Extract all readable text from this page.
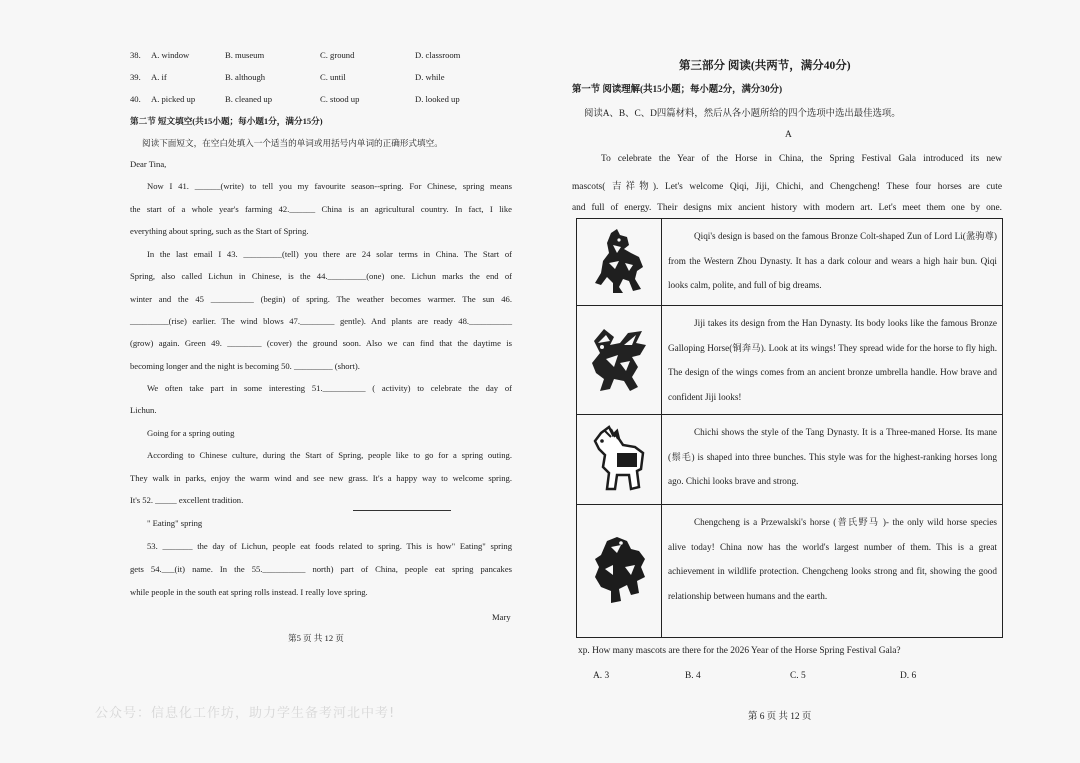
38. A. window	B. museum	C. ground	D. classroom
39. A. if	B. although	C. until	D. while
40. A. picked up	B. cleaned up	C. stood up	D. looked up
第二节 短文填空(共15小题；每小题1分，满分15分)
阅读下面短文，在空白处填入一个适当的单词或用括号内单词的正确形式填空。
Dear Tina,
Now I 41. ______(write) to tell you my favourite season--spring. For Chinese, spring means
the start of a whole year's farming 42.______ China is an agricultural country. In fact, I like
everything about spring, such as the Start of Spring.
In the last email I 43. _________(tell) you there are 24 solar terms in China. The Start of
Spring, also called Lichun in Chinese, is the 44._________(one) one. Lichun marks the end of
winter and the 45 __________ (begin) of spring. The weather becomes warmer. The sun 46.
_________(rise) earlier. The wind blows 47.________ gentle). And plants are ready 48.__________
(grow) again. Green 49. ________ (cover) the ground soon. Also we can find that the daytime is
becoming longer and the night is becoming 50. _________ (short).
We often take part in some interesting 51.__________ ( activity) to celebrate the day of
Lichun.
Going for a spring outing
According to Chinese culture, during the Start of Spring, people like to go for a spring outing.
They walk in parks, enjoy the warm wind and see new grass. It's a happy way to welcome spring.
It's 52. _____ excellent tradition.
" Eating" spring
53. _______ the day of Lichun, people eat foods related to spring. This is how" Eating" spring
gets 54.___(it) name. In the 55.__________ north) part of China, people eat spring pancakes
while people in the south eat spring rolls instead. I really love spring.
Mary
第5 页 共 12 页
第三部分 阅读(共两节，满分40分)
第一节 阅读理解(共15小题；每小题2分，满分30分)
阅读A、B、C、D四篇材料，然后从各小题所给的四个选项中选出最佳选项。
A
To celebrate the Year of the Horse in China, the Spring Festival Gala introduced its new
mascots( 吉祥物). Let's welcome Qiqi, Jiji, Chichi, and Chengcheng! These four horses are cute
and full of energy. Their designs mix ancient history with modern art. Let's meet them one by one.

Qiqi's design is based on the famous Bronze Colt-shaped Zun of Lord Li(盠驹尊) from the Western Zhou Dynasty. It has a dark colour and wears a high hair bun. Qiqi looks calm, polite, and full of big dreams.

Jiji takes its design from the Han Dynasty. Its body looks like the famous Bronze Galloping Horse(铜奔马). Look at its wings! They spread wide for the horse to fly high. The design of the wings comes from an ancient bronze umbrella handle. How brave and confident Jiji looks!

Chichi shows the style of the Tang Dynasty. It is a Three-maned Horse. Its mane (鬃毛) is shaped into three bunches. This style was for the highest-ranking horses long ago. Chichi looks brave and strong.

Chengcheng is a Przewalski's horse (普氏野马 )- the only wild horse species alive today! China now has the world's largest number of them. This is a great achievement in wildlife protection. Chengcheng looks strong and fit, showing the good relationship between humans and the earth.
xp. How many mascots are there for the 2026 Year of the Horse Spring Festival Gala?
A. 3	B. 4	C. 5	D. 6
第 6 页 共 12 页
公众号：信息化工作坊，助力学生备考河北中考!
